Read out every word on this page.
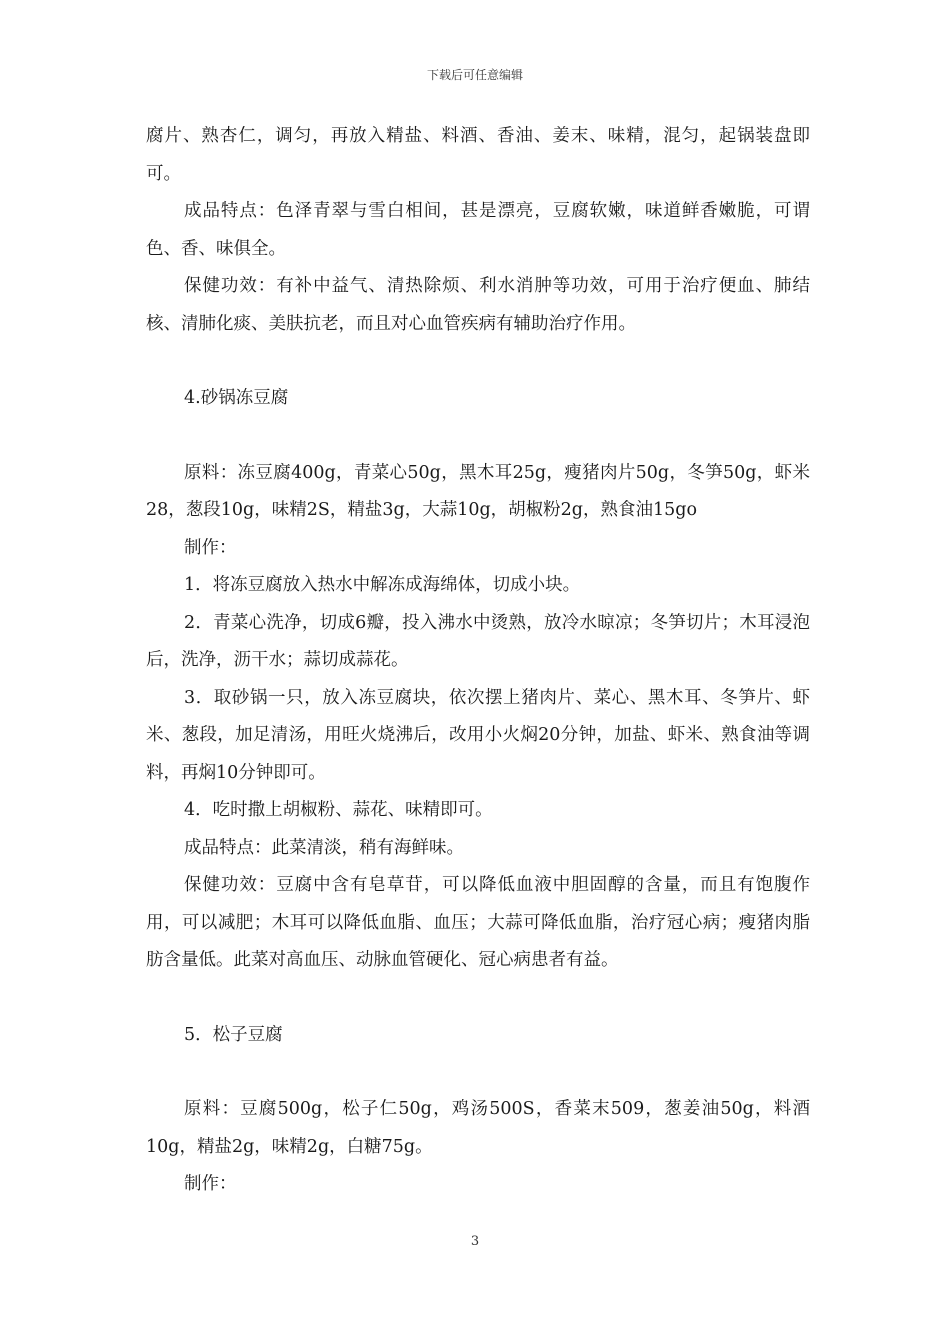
下载后可任意编辑

腐片、熟杏仁，调匀，再放入精盐、料酒、香油、姜末、味精，混匀，起锅装盘即可。

成品特点：色泽青翠与雪白相间，甚是漂亮，豆腐软嫩，味道鲜香嫩脆，可谓色、香、味俱全。

保健功效：有补中益气、清热除烦、利水消肿等功效，可用于治疗便血、肺结核、清肺化痰、美肤抗老，而且对心血管疾病有辅助治疗作用。

4.砂锅冻豆腐

原料：冻豆腐400g，青菜心50g，黑木耳25g，瘦猪肉片50g，冬笋50g，虾米28，葱段10g，味精2S，精盐3g，大蒜10g，胡椒粉2g，熟食油15go

制作：

1．将冻豆腐放入热水中解冻成海绵体，切成小块。

2．青菜心洗净，切成6瓣，投入沸水中烫熟，放冷水晾凉；冬笋切片；木耳浸泡后，洗净，沥干水；蒜切成蒜花。

3．取砂锅一只，放入冻豆腐块，依次摆上猪肉片、菜心、黑木耳、冬笋片、虾米、葱段，加足清汤，用旺火烧沸后，改用小火焖20分钟，加盐、虾米、熟食油等调料，再焖10分钟即可。

4．吃时撒上胡椒粉、蒜花、味精即可。

成品特点：此菜清淡，稍有海鲜味。

保健功效：豆腐中含有皂草苷，可以降低血液中胆固醇的含量，而且有饱腹作用，可以减肥；木耳可以降低血脂、血压；大蒜可降低血脂，治疗冠心病；瘦猪肉脂肪含量低。此菜对高血压、动脉血管硬化、冠心病患者有益。

5．松子豆腐

原料：豆腐500g，松子仁50g，鸡汤500S，香菜末509，葱姜油50g，料酒10g，精盐2g，味精2g，白糖75g。

制作：

3
